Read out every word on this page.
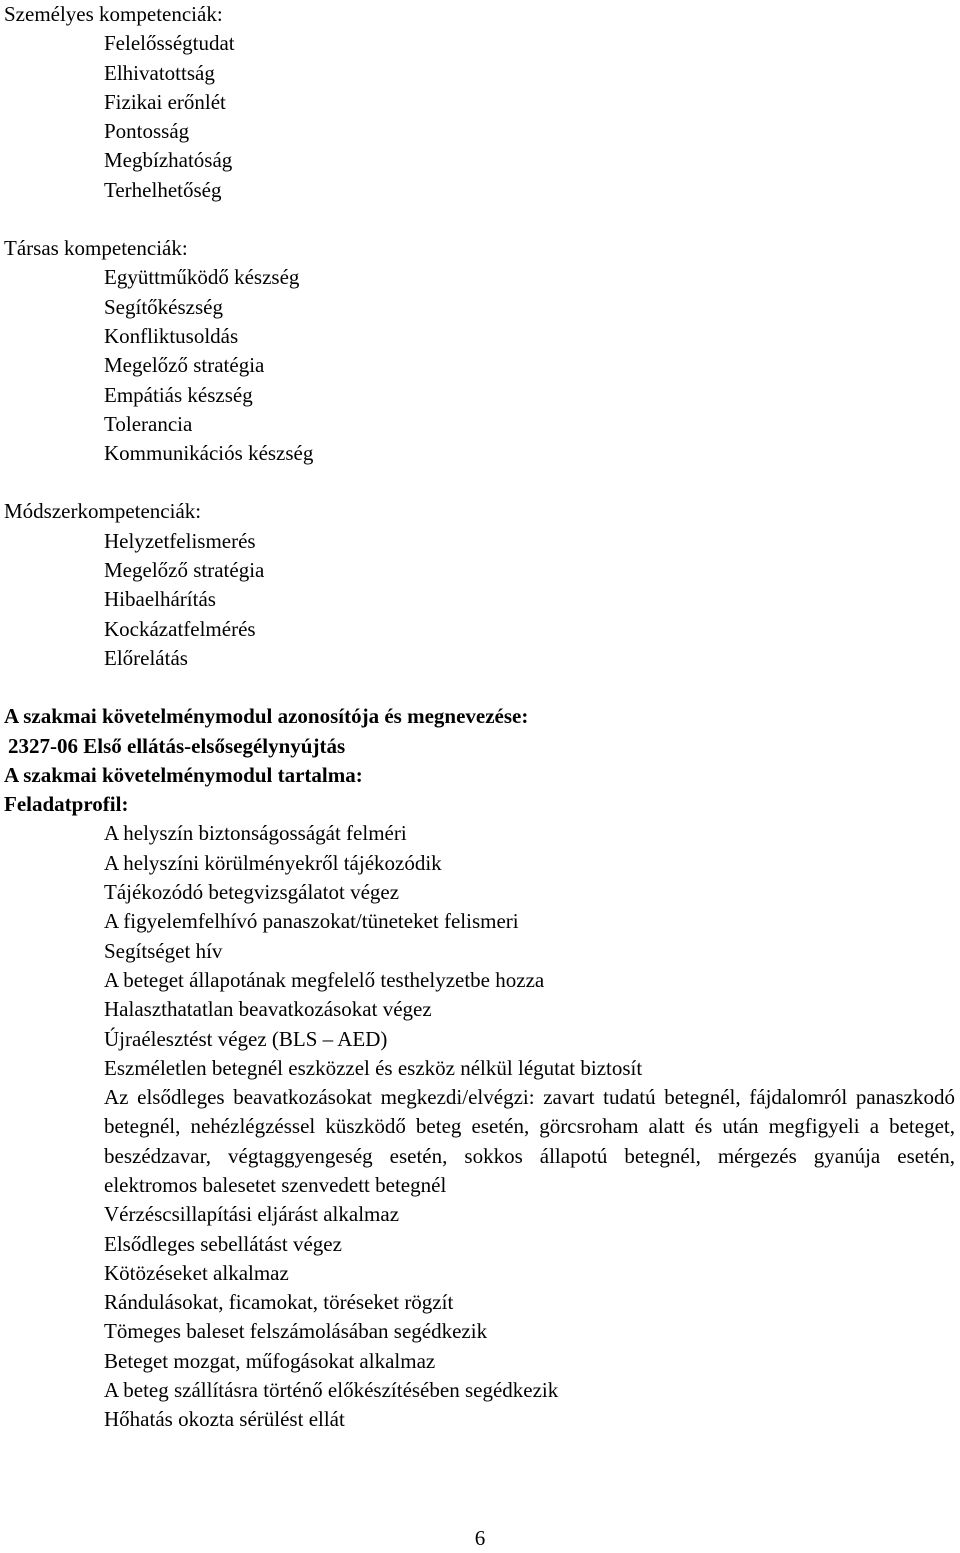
Személyes kompetenciák:
Felelősségtudat
Elhivatottság
Fizikai erőnlét
Pontosság
Megbízhatóság
Terhelhetőség
Társas kompetenciák:
Együttműködő készség
Segítőkészség
Konfliktusoldás
Megelőző stratégia
Empátiás készség
Tolerancia
Kommunikációs készség
Módszerkompetenciák:
Helyzetfelismerés
Megelőző stratégia
Hibaelhárítás
Kockázatfelmérés
Előrelátás
A szakmai követelménymodul azonosítója és megnevezése:
2327-06 Első ellátás-elsősegélynyújtás
A szakmai követelménymodul tartalma:
Feladatprofil:
A helyszín biztonságosságát felméri
A helyszíni körülményekről tájékozódik
Tájékozódó betegvizsgálatot végez
A figyelemfelhívó panaszokat/tüneteket felismeri
Segítséget hív
A beteget állapotának megfelelő testhelyzetbe hozza
Halaszthatatlan beavatkozásokat végez
Újraélesztést végez (BLS – AED)
Eszméletlen betegnél eszközzel és eszköz nélkül légutat biztosít
Az elsődleges beavatkozásokat megkezdi/elvégzi: zavart tudatú betegnél, fájdalomról panaszkodó betegnél, nehézlégzéssel küszködő beteg esetén, görcsroham alatt és után megfigyeli a beteget, beszédzavar, végtaggyengeség esetén, sokkos állapotú betegnél, mérgezés gyanúja esetén, elektromos balesetet szenvedett betegnél
Vérzéscsillapítási eljárást alkalmaz
Elsődleges sebellátást végez
Kötözéseket alkalmaz
Rándulásokat, ficamokat, töréseket rögzít
Tömeges baleset felszámolásában segédkezik
Beteget mozgat, műfogásokat alkalmaz
A beteg szállításra történő előkészítésében segédkezik
Hőhatás okozta sérülést ellát
6
